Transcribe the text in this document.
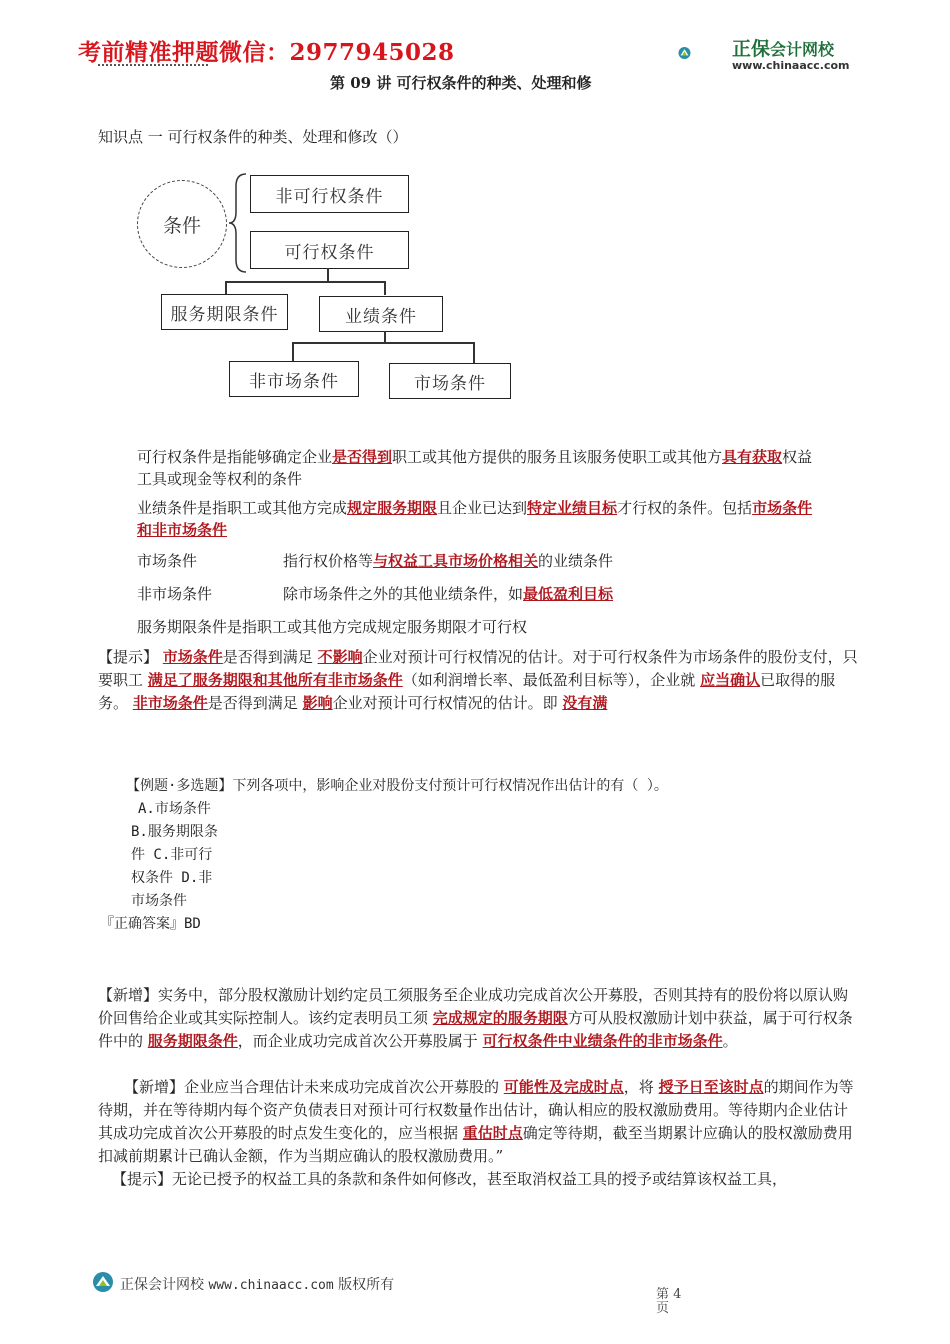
考前精准押题微信：2977945028	正保会计网校
www.chinaacc.com
第 09 讲 可行权条件的种类、处理和修
知识点 一 可行权条件的种类、处理和修改（）
条件
非可行权条件
可行权条件
服务期限条件	业绩条件
非市场条件	市场条件
可行权条件是指能够确定企业是否得到职工或其他方提供的服务且该服务使职工或其他方具有获取权益工具或现金等权利的条件
业绩条件是指职工或其他方完成规定服务期限且企业已达到特定业绩目标才行权的条件。包括市场条件和非市场条件
市场条件	指行权价格等与权益工具市场价格相关的业绩条件
非市场条件	除市场条件之外的其他业绩条件，如最低盈利目标
服务期限条件是指职工或其他方完成规定服务期限才可行权
【提示】 市场条件是否得到满足 不影响企业对预计可行权情况的估计。对于可行权条件为市场条件的股份支付，只要职工 满足了服务期限和其他所有非市场条件（如利润增长率、最低盈利目标等），企业就 应当确认已取得的服务。 非市场条件是否得到满足 影响企业对预计可行权情况的估计。即 没有满
【例题·多选题】下列各项中，影响企业对股份支付预计可行权情况作出估计的有（ ）。
A.市场条件
B.服务期限条
件 C.非可行
权条件 D.非
市场条件
『正确答案』BD
【新增】实务中，部分股权激励计划约定员工须服务至企业成功完成首次公开募股，否则其持有的股份将以原认购价回售给企业或其实际控制人。该约定表明员工须 完成规定的服务期限方可从股权激励计划中获益，属于可行权条件中的 服务期限条件，而企业成功完成首次公开募股属于 可行权条件中业绩条件的非市场条件。
【新增】企业应当合理估计未来成功完成首次公开募股的 可能性及完成时点，将 授予日至该时点的期间作为等待期，并在等待期内每个资产负债表日对预计可行权数量作出估计，确认相应的股权激励费用。等待期内企业估计其成功完成首次公开募股的时点发生变化的，应当根据 重估时点确定等待期，截至当期累计应确认的股权激励费用扣减前期累计已确认金额，作为当期应确认的股权激励费用。”
【提示】无论已授予的权益工具的条款和条件如何修改，甚至取消权益工具的授予或结算该权益工具，
正保会计网校 www.chinaacc.com 版权所有
第 4 页
